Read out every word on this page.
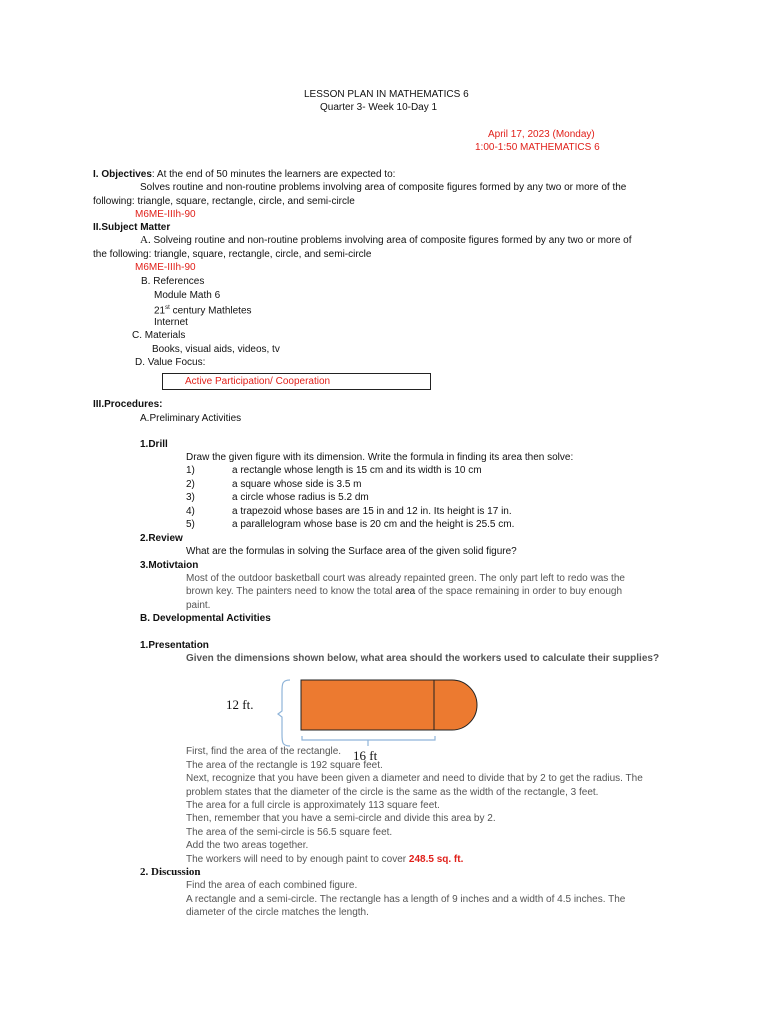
LESSON PLAN IN MATHEMATICS 6
Quarter 3- Week 10-Day 1
April 17, 2023 (Monday)
1:00-1:50 MATHEMATICS 6
I. Objectives: At the end of 50 minutes the learners are expected to:
Solves routine and non-routine problems involving area of composite figures formed by any two or more of the
following: triangle, square, rectangle, circle, and semi-circle
M6ME-IIIh-90
II.Subject Matter
A. Solveing routine and non-routine problems involving area of composite figures formed by any two or more of
the following: triangle, square, rectangle, circle, and semi-circle
M6ME-IIIh-90
B. References
Module Math 6
21st century Mathletes
Internet
C. Materials
Books, visual aids, videos, tv
D. Value Focus:
Active Participation/ Cooperation
III.Procedures:
A.Preliminary Activities
1.Drill
Draw the given figure with its dimension. Write the formula in finding its area then solve:
1)	a rectangle whose length is 15 cm and its width is 10 cm
2)	a square whose side is 3.5 m
3)	a circle whose radius is 5.2 dm
4)	a trapezoid whose bases are 15 in and 12 in. Its height is 17 in.
5)	a parallelogram whose base is 20 cm and the height is 25.5 cm.
2.Review
What are the formulas in solving the Surface area of the given solid figure?
3.Motivtaion
Most of the outdoor basketball court was already repainted green. The only part left to redo was the
brown key. The painters need to know the total area of the space remaining in order to buy enough
paint.
B. Developmental Activities
1.Presentation
Given the dimensions shown below, what area should the workers used to calculate their supplies?
12 ft.
16 ft
First, find the area of the rectangle.
The area of the rectangle is 192 square feet.
Next, recognize that you have been given a diameter and need to divide that by 2 to get the radius. The
problem states that the diameter of the circle is the same as the width of the rectangle, 3 feet.
The area for a full circle is approximately 113 square feet.
Then, remember that you have a semi-circle and divide this area by 2.
The area of the semi-circle is 56.5 square feet.
Add the two areas together.
The workers will need to by enough paint to cover 248.5 sq. ft.
2. Discussion
Find the area of each combined figure.
A rectangle and a semi-circle. The rectangle has a length of 9 inches and a width of 4.5 inches. The
diameter of the circle matches the length.
